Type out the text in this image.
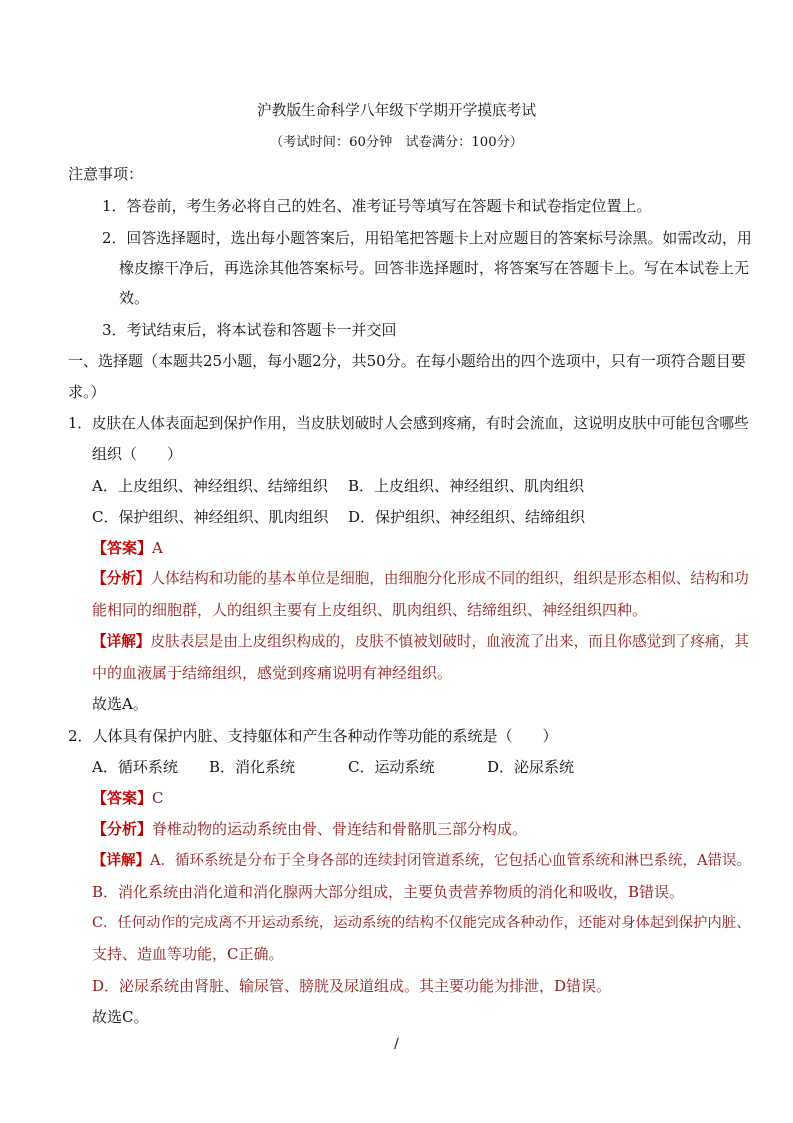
沪教版生命科学八年级下学期开学摸底考试
（考试时间：60分钟　试卷满分：100分）
注意事项：
1．答卷前，考生务必将自己的姓名、准考证号等填写在答题卡和试卷指定位置上。
2．回答选择题时，选出每小题答案后，用铅笔把答题卡上对应题目的答案标号涂黑。如需改动，用
橡皮擦干净后，再选涂其他答案标号。回答非选择题时，将答案写在答题卡上。写在本试卷上无
效。
3．考试结束后，将本试卷和答题卡一并交回
一、选择题（本题共25小题，每小题2分，共50分。在每小题给出的四个选项中，只有一项符合题目要
求。）
1．皮肤在人体表面起到保护作用，当皮肤划破时人会感到疼痛，有时会流血，这说明皮肤中可能包含哪些
组织（　　）
A．上皮组织、神经组织、结缔组织 B．上皮组织、神经组织、肌肉组织
C．保护组织、神经组织、肌肉组织 D．保护组织、神经组织、结缔组织
【答案】A
【分析】人体结构和功能的基本单位是细胞，由细胞分化形成不同的组织，组织是形态相似、结构和功
能相同的细胞群，人的组织主要有上皮组织、肌肉组织、结缔组织、神经组织四种。
【详解】皮肤表层是由上皮组织构成的，皮肤不慎被划破时，血液流了出来，而且你感觉到了疼痛，其
中的血液属于结缔组织，感觉到疼痛说明有神经组织。
故选A。
2．人体具有保护内脏、支持躯体和产生各种动作等功能的系统是（　　）
A．循环系统 B．消化系统	C．运动系统	D．泌尿系统
【答案】C
【分析】脊椎动物的运动系统由骨、骨连结和骨骼肌三部分构成。
【详解】A．循环系统是分布于全身各部的连续封闭管道系统，它包括心血管系统和淋巴系统，A错误。
B．消化系统由消化道和消化腺两大部分组成，主要负责营养物质的消化和吸收，B错误。
C．任何动作的完成离不开运动系统，运动系统的结构不仅能完成各种动作，还能对身体起到保护内脏、
支持、造血等功能，C正确。
D．泌尿系统由肾脏、输尿管、膀胱及尿道组成。其主要功能为排泄，D错误。
故选C。
/
